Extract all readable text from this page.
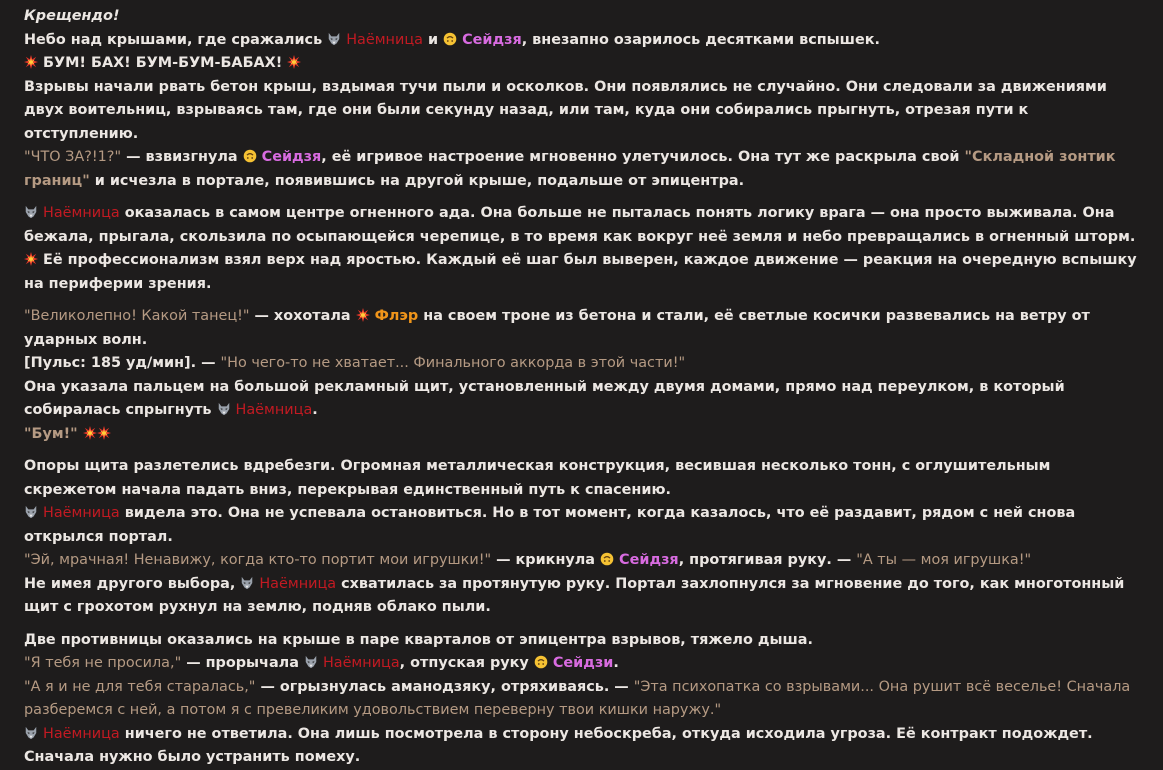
Крещендо!

Небо над крышами, где сражались  Наёмница и  Сейдзя, внезапно озарилось десятками вспышек.

БУМ! БАХ! БУМ-БУМ-БАБАХ!

Взрывы начали рвать бетон крыш, вздымая тучи пыли и осколков. Они появлялись не случайно. Они следовали за движениями двух воительниц, взрываясь там, где они были секунду назад, или там, куда они собирались прыгнуть, отрезая пути к отступлению.

"ЧТО ЗА?!1?" — взвизгнула  Сейдзя, её игривое настроение мгновенно улетучилось. Она тут же раскрыла свой "Складной зонтик границ" и исчезла в портале, появившись на другой крыше, подальше от эпицентра.

Наёмница оказалась в самом центре огненного ада. Она больше не пыталась понять логику врага — она просто выживала. Она бежала, прыгала, скользила по осыпающейся черепице, в то время как вокруг неё земля и небо превращались в огненный шторм.  Её профессионализм взял верх над яростью. Каждый её шаг был выверен, каждое движение — реакция на очередную вспышку на периферии зрения.

"Великолепно! Какой танец!" — хохотала  Флэр на своем троне из бетона и стали, её светлые косички развевались на ветру от ударных волн.

[Пульс: 185 уд/мин]. — "Но чего-то не хватает... Финального аккорда в этой части!"

Она указала пальцем на большой рекламный щит, установленный между двумя домами, прямо над переулком, в который собиралась спрыгнуть  Наёмница.

"Бум!"

Опоры щита разлетелись вдребезги. Огромная металлическая конструкция, весившая несколько тонн, с оглушительным скрежетом начала падать вниз, перекрывая единственный путь к спасению.

Наёмница видела это. Она не успевала остановиться. Но в тот момент, когда казалось, что её раздавит, рядом с ней снова открылся портал.

"Эй, мрачная! Ненавижу, когда кто-то портит мои игрушки!" — крикнула  Сейдзя, протягивая руку. — "А ты — моя игрушка!"

Не имея другого выбора,  Наёмница схватилась за протянутую руку. Портал захлопнулся за мгновение до того, как многотонный щит с грохотом рухнул на землю, подняв облако пыли.

Две противницы оказались на крыше в паре кварталов от эпицентра взрывов, тяжело дыша.

"Я тебя не просила," — прорычала  Наёмница, отпуская руку  Сейдзи.

"А я и не для тебя старалась," — огрызнулась аманодзяку, отряхиваясь. — "Эта психопатка со взрывами... Она рушит всё веселье! Сначала разберемся с ней, а потом я с превеликим удовольствием переверну твои кишки наружу."

Наёмница ничего не ответила. Она лишь посмотрела в сторону небоскреба, откуда исходила угроза. Её контракт подождет. Сначала нужно было устранить помеху.
